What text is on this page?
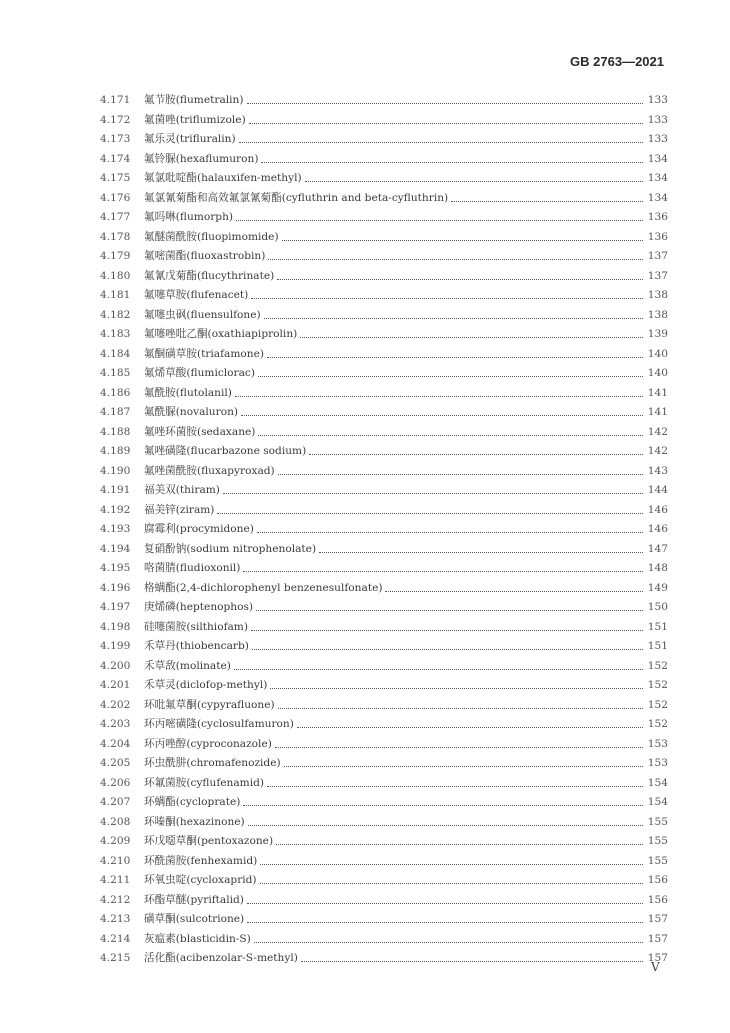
GB 2763—2021
4.171	氟节胺(flumetralin)	133
4.172	氟菌唑(triflumizole)	133
4.173	氟乐灵(trifluralin)	133
4.174	氟铃脲(hexaflumuron)	134
4.175	氟氯吡啶酯(halauxifen-methyl)	134
4.176	氟氯氰菊酯和高效氟氯氰菊酯(cyfluthrin and beta-cyfluthrin)	134
4.177	氟吗啉(flumorph)	136
4.178	氟醚菌酰胺(fluopimomide)	136
4.179	氟嘧菌酯(fluoxastrobin)	137
4.180	氟氰戊菊酯(flucythrinate)	137
4.181	氟噻草胺(flufenacet)	138
4.182	氟噻虫砜(fluensulfone)	138
4.183	氟噻唑吡乙酮(oxathiapiprolin)	139
4.184	氟酮磺草胺(triafamone)	140
4.185	氟烯草酸(flumiclorac)	140
4.186	氟酰胺(flutolanil)	141
4.187	氟酰脲(novaluron)	141
4.188	氟唑环菌胺(sedaxane)	142
4.189	氟唑磺隆(flucarbazone sodium)	142
4.190	氟唑菌酰胺(fluxapyroxad)	143
4.191	福美双(thiram)	144
4.192	福美锌(ziram)	146
4.193	腐霉利(procymidone)	146
4.194	复硝酚钠(sodium nitrophenolate)	147
4.195	咯菌腈(fludioxonil)	148
4.196	格螨酯(2,4-dichlorophenyl benzenesulfonate)	149
4.197	庚烯磷(heptenophos)	150
4.198	硅噻菌胺(silthiofam)	151
4.199	禾草丹(thiobencarb)	151
4.200	禾草敌(molinate)	152
4.201	禾草灵(diclofop-methyl)	152
4.202	环吡氟草酮(cypyrafluone)	152
4.203	环丙嘧磺隆(cyclosulfamuron)	152
4.204	环丙唑醇(cyproconazole)	153
4.205	环虫酰肼(chromafenozide)	153
4.206	环氟菌胺(cyflufenamid)	154
4.207	环螨酯(cycloprate)	154
4.208	环嗪酮(hexazinone)	155
4.209	环戊噁草酮(pentoxazone)	155
4.210	环酰菌胺(fenhexamid)	155
4.211	环氧虫啶(cycloxaprid)	156
4.212	环酯草醚(pyriftalid)	156
4.213	磺草酮(sulcotrione)	157
4.214	灰瘟素(blasticidin-S)	157
4.215	活化酯(acibenzolar-S-methyl)	157
V
